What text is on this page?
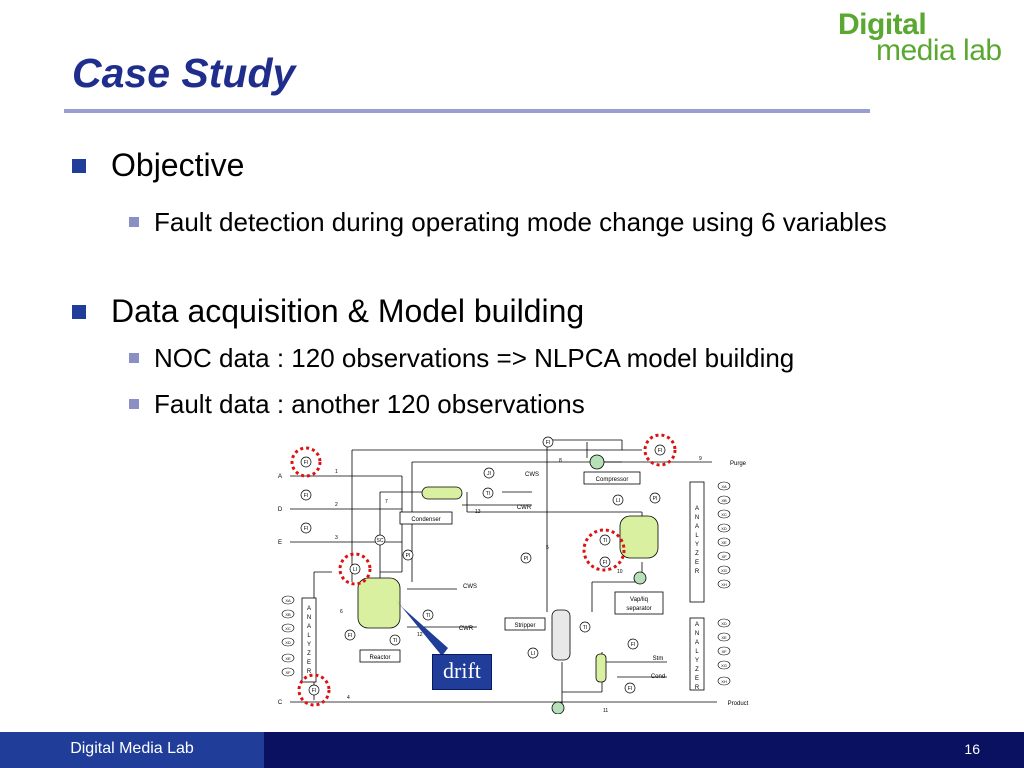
Case Study
Digital
media lab
Objective
Fault detection during operating mode change using 6 variables
Data acquisition & Model building
NOC data : 120 observations => NLPCA model building
Fault data : another 120 observations
FI
FI
FI
FI
FI
TI
LI	PI
TI
FI
SC
PI	PI
LI
TI
TI
FI
TI
LI
FI
FI
FI
JI
Condenser
Compressor
Reactor
Stripper
Vap/liq
separator
Purge
Product
CWS
CWR
CWS
CWR
Stm
Cond
A
D
E
C
1
2
3
4
5
6
7
8	9
10
11
12
13	A
N
A
L
Y
Z
E
R
A
N
A
L
Y
Z
E
R
A
N
A
L
Y
Z
E
R
XA
XB
XC
XD
XE
XF
XG
XH
XA
XB
XC
XD
XE
XF
XD
XE
XF
XG
XH
drift
Digital Media Lab	16
